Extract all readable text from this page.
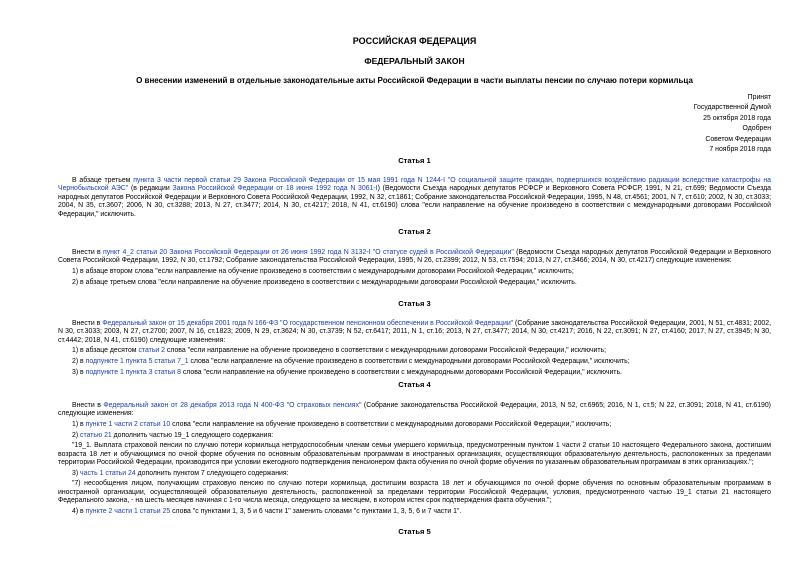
РОССИЙСКАЯ ФЕДЕРАЦИЯ
ФЕДЕРАЛЬНЫЙ ЗАКОН
О внесении изменений в отдельные законодательные акты Российской Федерации в части выплаты пенсии по случаю потери кормильца
Принят
Государственной Думой
25 октября 2018 года
Одобрен
Советом Федерации
7 ноября 2018 года
Статья 1
В абзаце третьем пункта 3 части первой статьи 29 Закона Российской Федерации от 15 мая 1991 года N 1244-I "О социальной защите граждан, подвергшихся воздействию радиации вследствие катастрофы на Чернобыльской АЭС" (в редакции Закона Российской Федерации от 18 июня 1992 года N 3061-I) (Ведомости Съезда народных депутатов РСФСР и Верховного Совета РСФСР, 1991, N 21, ст.699; Ведомости Съезда народных депутатов Российской Федерации и Верховного Совета Российской Федерации, 1992, N 32, ст.1861; Собрание законодательства Российской Федерации, 1995, N 48, ст.4561; 2001, N 7, ст.610; 2002, N 30, ст.3033; 2004, N 35, ст.3607; 2006, N 30, ст.3288; 2013, N 27, ст.3477; 2014, N 30, ст.4217; 2018, N 41, ст.6190) слова "если направление на обучение произведено в соответствии с международными договорами Российской Федерации," исключить.
Статья 2
Внести в пункт 4_2 статьи 20 Закона Российской Федерации от 26 июня 1992 года N 3132-I "О статусе судей в Российской Федерации" (Ведомости Съезда народных депутатов Российской Федерации и Верховного Совета Российской Федерации, 1992, N 30, ст.1792; Собрание законодательства Российской Федерации, 1995, N 26, ст.2399; 2012, N 53, ст.7594; 2013, N 27, ст.3466; 2014, N 30, ст.4217) следующие изменения:
1) в абзаце втором слова "если направление на обучение произведено в соответствии с международными договорами Российской Федерации," исключить;
2) в абзаце третьем слова "если направление на обучение произведено в соответствии с международными договорами Российской Федерации," исключить.
Статья 3
Внести в Федеральный закон от 15 декабря 2001 года N 166-ФЗ "О государственном пенсионном обеспечении в Российской Федерации" (Собрание законодательства Российской Федерации, 2001, N 51, ст.4831; 2002, N 30, ст.3033; 2003, N 27, ст.2700; 2007, N 16, ст.1823; 2009, N 29, ст.3624; N 30, ст.3739; N 52, ст.6417; 2011, N 1, ст.16; 2013, N 27, ст.3477; 2014, N 30, ст.4217; 2016, N 22, ст.3091; N 27, ст.4160; 2017, N 27, ст.3945; N 30, ст.4442; 2018, N 41, ст.6190) следующие изменения:
1) в абзаце десятом статьи 2 слова "если направление на обучение произведено в соответствии с международными договорами Российской Федерации," исключить;
2) в подпункте 1 пункта 5 статьи 7_1 слова "если направление на обучение произведено в соответствии с международными договорами Российской Федерации," исключить;
3) в подпункте 1 пункта 3 статьи 8 слова "если направление на обучение произведено в соответствии с международными договорами Российской Федерации," исключить.
Статья 4
Внести в Федеральный закон от 28 декабря 2013 года N 400-ФЗ "О страховых пенсиях" (Собрание законодательства Российской Федерации, 2013, N 52, ст.6965; 2016, N 1, ст.5; N 22, ст.3091; 2018, N 41, ст.6190) следующие изменения:
1) в пункте 1 части 2 статьи 10 слова "если направление на обучение произведено в соответствии с международными договорами Российской Федерации," исключить;
2) статью 21 дополнить частью 19_1 следующего содержания:
"19_1. Выплата страховой пенсии по случаю потери кормильца нетрудоспособным членам семьи умершего кормильца, предусмотренным пунктом 1 части 2 статьи 10 настоящего Федерального закона, достигшим возраста 18 лет и обучающимся по очной форме обучения по основным образовательным программам в иностранных организациях, осуществляющих образовательную деятельность, расположенных за пределами территории Российской Федерации, производится при условии ежегодного подтверждения пенсионером факта обучения по очной форме обучения по указанным образовательным программам в этих организациях.";
3) часть 1 статьи 24 дополнить пунктом 7 следующего содержания:
"7) несообщения лицом, получающим страховую пенсию по случаю потери кормильца, достигшим возраста 18 лет и обучающимся по очной форме обучения по основным образовательным программам в иностранной организации, осуществляющей образовательную деятельность, расположенной за пределами территории Российской Федерации, условия, предусмотренного частью 19_1 статьи 21 настоящего Федерального закона, - на шесть месяцев начиная с 1-го числа месяца, следующего за месяцем, в котором истек срок подтверждения факта обучения.";
4) в пункте 2 части 1 статьи 25 слова "с пунктами 1, 3, 5 и 6 части 1" заменить словами "с пунктами 1, 3, 5, 6 и 7 части 1".
Статья 5
